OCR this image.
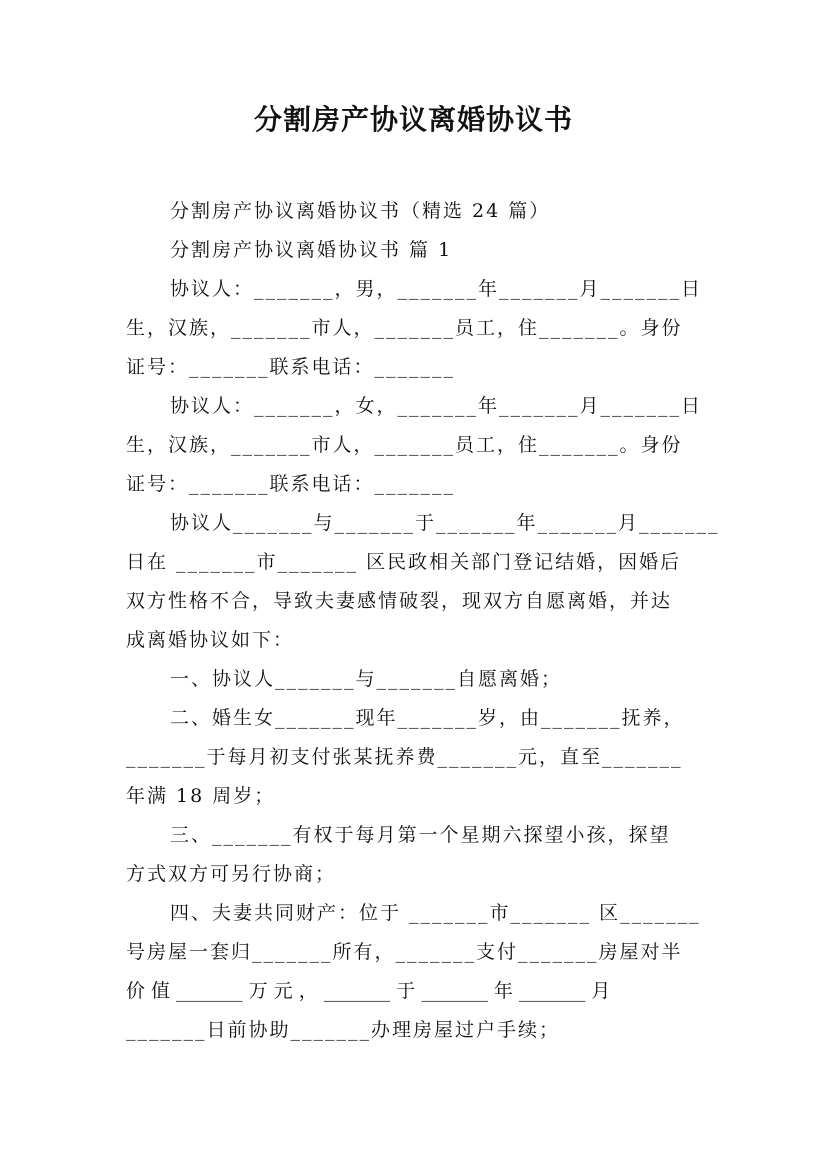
分割房产协议离婚协议书
分割房产协议离婚协议书（精选 24 篇）
分割房产协议离婚协议书 篇 1
协议人：_______，男，_______年_______月_______日
生，汉族，_______市人，_______员工，住_______。身份
证号：_______联系电话：_______
协议人：_______，女，_______年_______月_______日
生，汉族，_______市人，_______员工，住_______。身份
证号：_______联系电话：_______
协议人_______与_______于_______年_______月_______
日在 _______市_______ 区民政相关部门登记结婚，因婚后
双方性格不合，导致夫妻感情破裂，现双方自愿离婚，并达
成离婚协议如下：
一、协议人_______与_______自愿离婚；
二、婚生女_______现年_______岁，由_______抚养，
_______于每月初支付张某抚养费_______元，直至_______
年满 18 周岁；
三、_______有权于每月第一个星期六探望小孩，探望
方式双方可另行协商；
四、夫妻共同财产：位于 _______市_______ 区_______
号房屋一套归_______所有，_______支付_______房屋对半
价 值 _______ 万 元 ， _______ 于 _______ 年 _______ 月
_______日前协助_______办理房屋过户手续；
